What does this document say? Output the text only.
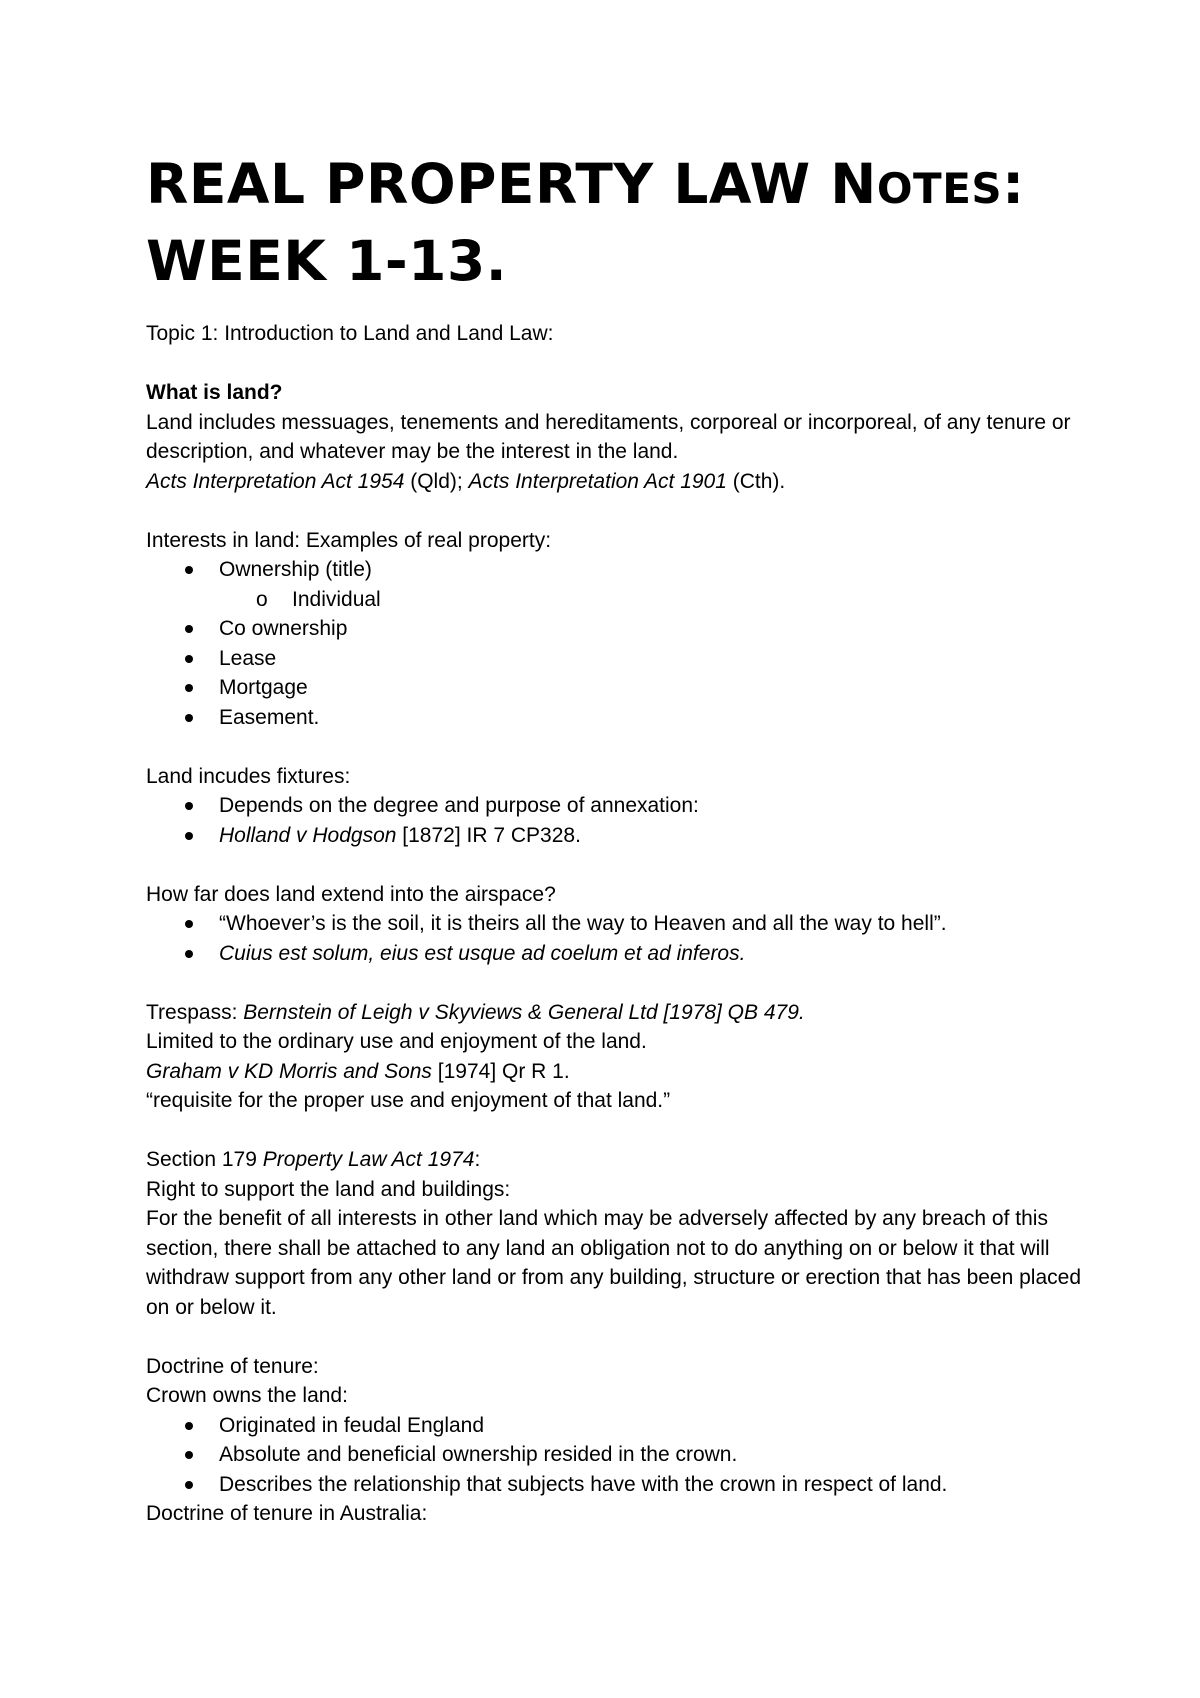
REAL PROPERTY LAW NOTES:
WEEK 1-13.

Topic 1: Introduction to Land and Land Law:

What is land?

Land includes messuages, tenements and hereditaments, corporeal or incorporeal, of any tenure or description, and whatever may be the interest in the land.

Acts Interpretation Act 1954 (Qld); Acts Interpretation Act 1901 (Cth).

Interests in land: Examples of real property:

Ownership (title)
o Individual
Co ownership
Lease
Mortgage
Easement.

Land incudes fixtures:

Depends on the degree and purpose of annexation:
Holland v Hodgson [1872] IR 7 CP328.

How far does land extend into the airspace?

“Whoever’s is the soil, it is theirs all the way to Heaven and all the way to hell”.
Cuius est solum, eius est usque ad coelum et ad inferos.

Trespass: Bernstein of Leigh v Skyviews & General Ltd [1978] QB 479.

Limited to the ordinary use and enjoyment of the land.

Graham v KD Morris and Sons [1974] Qr R 1.

“requisite for the proper use and enjoyment of that land.”

Section 179 Property Law Act 1974:

Right to support the land and buildings:

For the benefit of all interests in other land which may be adversely affected by any breach of this section, there shall be attached to any land an obligation not to do anything on or below it that will withdraw support from any other land or from any building, structure or erection that has been placed on or below it.

Doctrine of tenure:

Crown owns the land:

Originated in feudal England
Absolute and beneficial ownership resided in the crown.
Describes the relationship that subjects have with the crown in respect of land.

Doctrine of tenure in Australia:
